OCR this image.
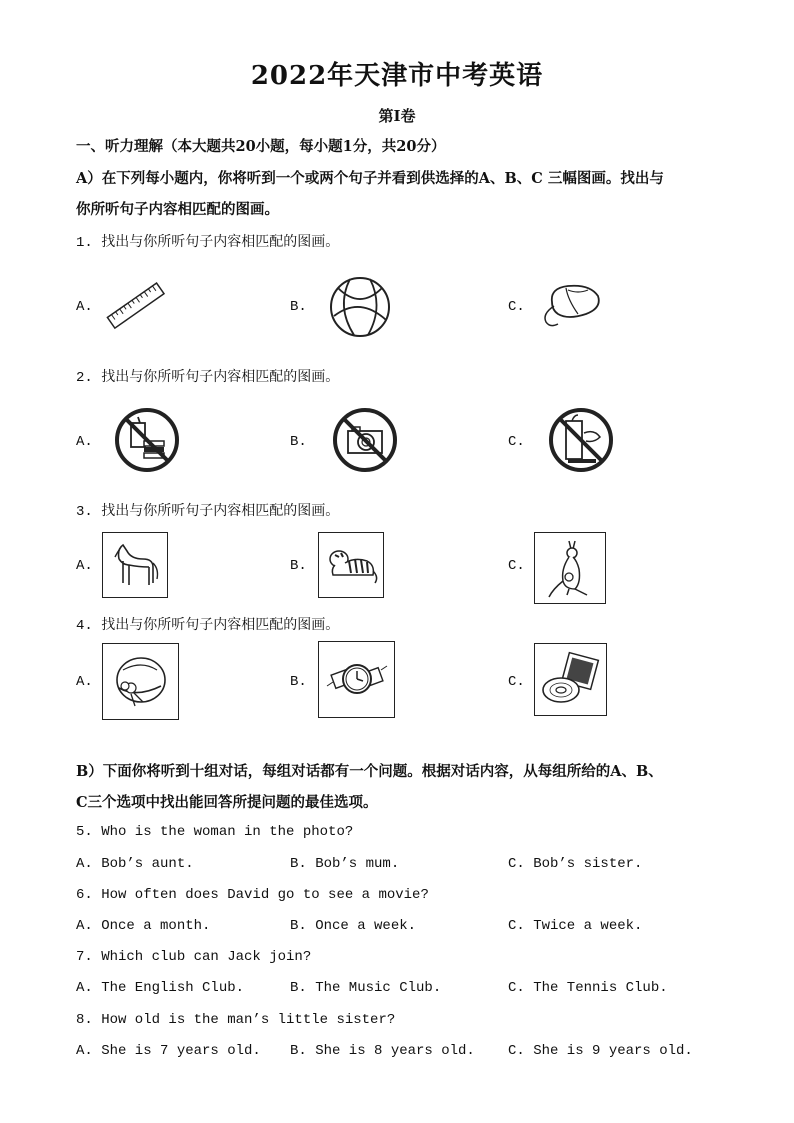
2022年天津市中考英语
第Ⅰ卷
一、听力理解（本大题共20小题，每小题1分，共20分）
A）在下列每小题内，你将听到一个或两个句子并看到供选择的A、B、C 三幅图画。找出与
你所听句子内容相匹配的图画。
1. 找出与你所听句子内容相匹配的图画。
A.	B.	C.
2. 找出与你所听句子内容相匹配的图画。
A.	B.	C.
3. 找出与你所听句子内容相匹配的图画。
A.	B.	C.
4. 找出与你所听句子内容相匹配的图画。
A.	B.	C.
B）下面你将听到十组对话，每组对话都有一个问题。根据对话内容，从每组所给的A、B、
C三个选项中找出能回答所提问题的最佳选项。
5. Who is the woman in the photo?
A. Bob’s aunt.	B. Bob’s mum.	C. Bob’s sister.
6. How often does David go to see a movie?
A. Once a month.	B. Once a week.	C. Twice a week.
7. Which club can Jack join?
A. The English Club.	B. The Music Club.	C. The Tennis Club.
8. How old is the man’s little sister?
A. She is 7 years old. B. She is 8 years old. C. She is 9 years old.
